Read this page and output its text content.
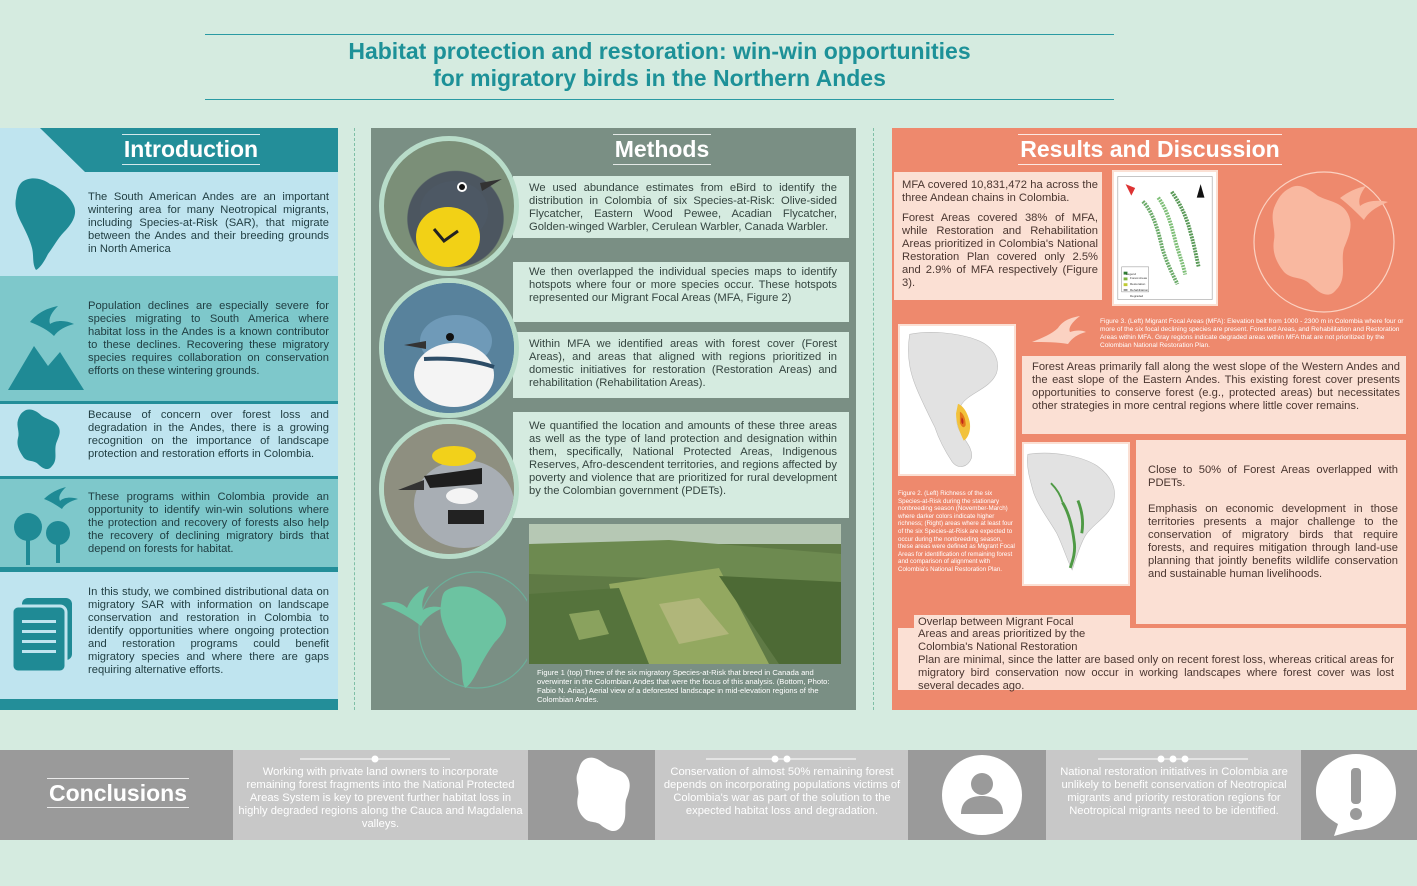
Habitat protection and restoration: win-win opportunities
for migratory birds in the Northern Andes
Introduction
The South American Andes are an important wintering area for many Neotropical migrants, including Species-at-Risk (SAR), that migrate between the Andes and their breeding grounds in North America
Population declines are especially severe for species migrating to South America where habitat loss in the Andes is a known contributor to these declines. Recovering these migratory species requires collaboration on conservation efforts on these wintering grounds.
Because of concern over forest loss and degradation in the Andes, there is a growing recognition on the importance of landscape protection and restoration efforts in Colombia.
These programs within Colombia provide an opportunity to identify win-win solutions where the protection and recovery of forests also help the recovery of declining migratory birds that depend on forests for habitat.
In this study, we combined distributional data on migratory SAR with information on landscape conservation and restoration in Colombia to identify opportunities where ongoing protection and restoration programs could benefit migratory species and where there are gaps requiring alternative efforts.
Methods
We used abundance estimates from eBird to identify the distribution in Colombia of six Species-at-Risk: Olive-sided Flycatcher, Eastern Wood Pewee, Acadian Flycatcher, Golden-winged Warbler, Cerulean Warbler, Canada Warbler.
We then overlapped the individual species maps to identify hotspots where four or more species occur. These hotspots represented our Migrant Focal Areas (MFA, Figure 2)
Within MFA we identified areas with forest cover (Forest Areas), and areas that aligned with regions prioritized in domestic initiatives for restoration (Restoration Areas) and rehabilitation (Rehabilitation Areas).
We quantified the location and amounts of these three areas as well as the type of land protection and designation within them, specifically, National Protected Areas, Indigenous Reserves, Afro-descendent territories, and regions affected by poverty and violence that are prioritized for rural development by the Colombian government (PDETs).
Figure 1 (top) Three of the six migratory Species-at-Risk that breed in Canada and overwinter in the Colombian Andes that were the focus of this analysis. (Bottom, Photo: Fabio N. Arias) Aerial view of a deforested landscape in mid-elevation regions of the Colombian Andes.
Results and Discussion
MFA covered 10,831,472 ha across the three Andean chains in Colombia.
Forest Areas covered 38% of MFA, while Restoration and Rehabilitation Areas prioritized in Colombia's National Restoration Plan covered only 2.5% and 2.9% of MFA respectively (Figure 3).
Legend
Forest Areas
Restoration
Rehabilitation
Degraded
Figure 3. (Left) Migrant Focal Areas (MFA): Elevation belt from 1000 - 2300 m in Colombia where four or more of the six focal declining species are present. Forested Areas, and Rehabilitation and Restoration Areas within MFA. Gray regions indicate degraded areas within MFA that are not prioritized by the Colombian National Restoration Plan.
Figure 2. (Left) Richness of the six Species-at-Risk during the stationary nonbreeding season (November-March) where darker colors indicate higher richness; (Right) areas where at least four of the six Species-at-Risk are expected to occur during the nonbreeding season, these areas were defined as Migrant Focal Areas for identification of remaining forest and comparison of alignment with Colombia's National Restoration Plan.
Forest Areas primarily fall along the west slope of the Western Andes and the east slope of the Eastern Andes. This existing forest cover presents opportunities to conserve forest (e.g., protected areas) but necessitates other strategies in more central regions where little cover remains.
Close to 50% of Forest Areas overlapped with PDETs.
Emphasis on economic development in those territories presents a major challenge to the conservation of migratory birds that require forests, and requires mitigation through land-use planning that jointly benefits wildlife conservation and sustainable human livelihoods.
Overlap between Migrant Focal
Areas and areas prioritized by the
Colombia's National Restoration
Plan are minimal, since the latter are based only on recent forest loss, whereas critical areas for migratory bird conservation now occur in working landscapes where forest cover was lost several decades ago.
Conclusions
Working with private land owners to incorporate remaining forest fragments into the National Protected Areas System is key to prevent further habitat loss in highly degraded regions along the Cauca and Magdalena valleys.
Conservation of almost 50% remaining forest depends on incorporating populations victims of Colombia's war as part of the solution to the expected habitat loss and degradation.
National restoration initiatives in Colombia are unlikely to benefit conservation of Neotropical migrants and priority restoration regions for Neotropical migrants need to be identified.
